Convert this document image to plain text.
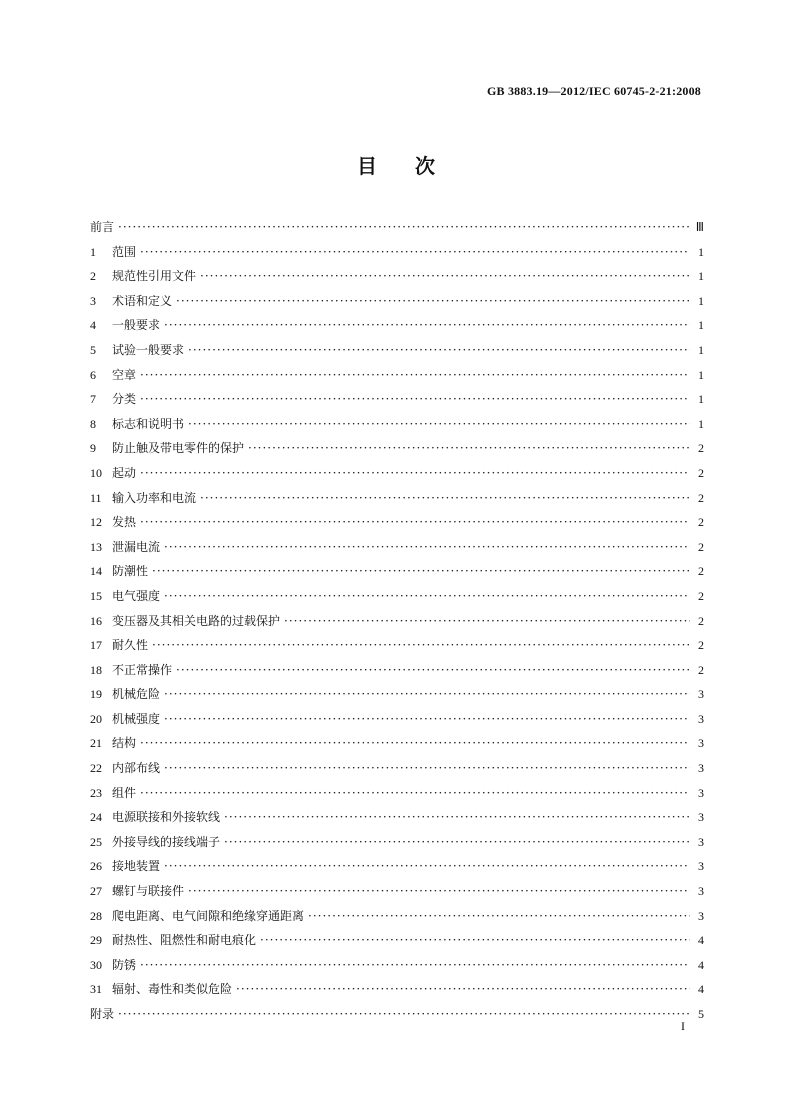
GB 3883.19—2012/IEC 60745-2-21:2008
目次
前言 ·····	Ⅲ
1	范围 ·····	1
2	规范性引用文件 ·····	1
3	术语和定义 ·····	1
4	一般要求 ·····	1
5	试验一般要求 ·····	1
6	空章 ·····	1
7	分类 ·····	1
8	标志和说明书 ·····	1
9	防止触及带电零件的保护 ·····	2
10 起动 ·····	2
11 输入功率和电流 ·····	2
12 发热 ·····	2
13 泄漏电流 ·····	2
14 防潮性 ·····	2
15 电气强度 ·····	2
16 变压器及其相关电路的过载保护 ·····	2
17 耐久性 ·····	2
18 不正常操作 ·····	2
19 机械危险 ·····	3
20 机械强度 ·····	3
21 结构 ·····	3
22 内部布线 ·····	3
23 组件 ·····	3
24 电源联接和外接软线 ·····	3
25 外接导线的接线端子 ·····	3
26 接地装置 ·····	3
27 螺钉与联接件 ·····	3
28 爬电距离、电气间隙和绝缘穿通距离 ·····	3
29 耐热性、阻燃性和耐电痕化 ·····	4
30 防锈 ·····	4
31 辐射、毒性和类似危险 ·····	4
附录 ·····	5
I
